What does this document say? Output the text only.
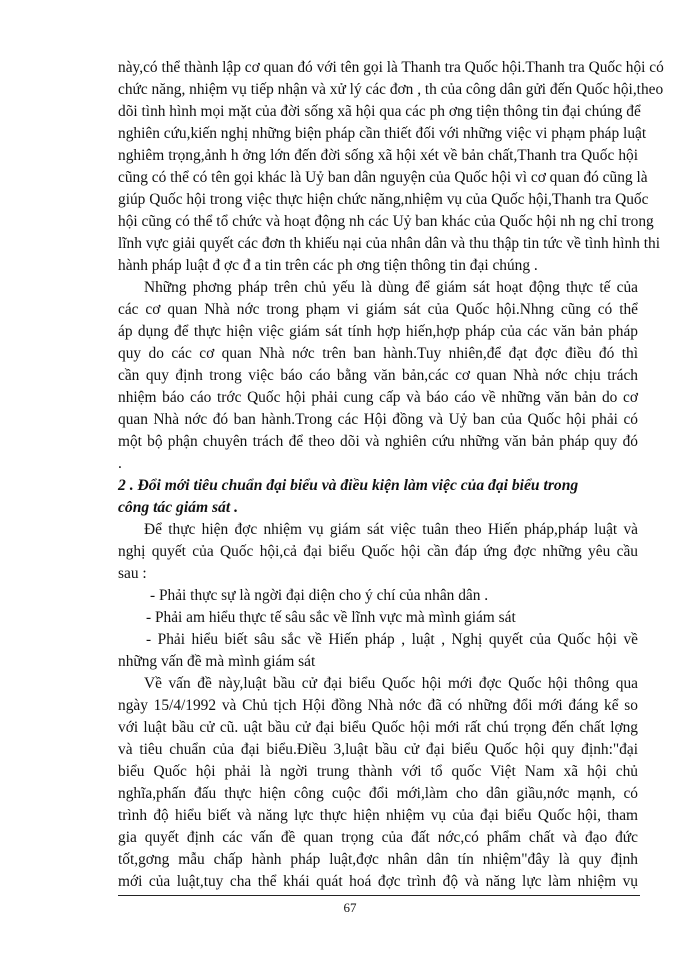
này,có thể thành lập cơ quan đó với tên gọi là Thanh tra Quốc hội.Thanh tra Quốc hội có
chức năng, nhiệm vụ tiếp nhận và xử lý các đơn , th của công dân gửi đến Quốc hội,theo
dõi tình hình mọi mặt của đời sống xã hội qua các ph ơng tiện thông tin đại chúng để
nghiên cứu,kiến nghị những biện pháp cần thiết đối với những việc vi phạm pháp luật
nghiêm trọng,ảnh h ởng lớn đến đời sống xã hội xét về bản chất,Thanh tra Quốc hội
cũng có thể có tên gọi khác là Uỷ ban dân nguyện của Quốc hội vì cơ quan đó cũng là
giúp Quốc hội trong việc thực hiện chức năng,nhiệm vụ của Quốc hội,Thanh tra Quốc
hội cũng có thể tổ chức và hoạt động nh các Uỷ ban khác của Quốc hội nh ng chỉ trong
lĩnh vực giải quyết các đơn th khiếu nại của nhân dân và thu thập tin tức về tình hình thi
hành pháp luật đ ợc đ a tin trên các ph ơng tiện thông tin đại chúng .
Những phơng pháp trên chủ yếu là dùng để giám sát hoạt động thực tế của
các cơ quan Nhà nớc trong phạm vi giám sát của Quốc hội.Nhng cũng có thể
áp dụng để thực hiện việc giám sát tính hợp hiến,hợp pháp của các văn bản pháp
quy do các cơ quan Nhà nớc trên ban hành.Tuy nhiên,để đạt đợc điều đó thì
cần quy định trong việc báo cáo bằng văn bản,các cơ quan Nhà nớc chịu trách
nhiệm báo cáo trớc Quốc hội phải cung cấp và báo cáo về những văn bản do cơ
quan Nhà nớc đó ban hành.Trong các Hội đồng và Uỷ ban của Quốc hội phải có
một bộ phận chuyên trách để theo dõi và nghiên cứu những văn bản pháp quy đó
.
2 . Đổi mới tiêu chuẩn đại biểu và điều kiện làm việc của đại biểu trong
công tác giám sát .
Để thực hiện đợc nhiệm vụ giám sát việc tuân theo Hiến pháp,pháp luật và
nghị quyết của Quốc hội,cả đại biểu Quốc hội cần đáp ứng đợc những yêu cầu
sau :
- Phải thực sự là ngời đại diện cho ý chí của nhân dân .
- Phải am hiểu thực tế sâu sắc về lĩnh vực mà mình giám sát
- Phải hiểu biết sâu sắc về Hiến pháp , luật , Nghị quyết của Quốc hội về
những vấn đề mà mình giám sát
Về vấn đề này,luật bầu cử đại biểu Quốc hội mới đợc Quốc hội thông qua
ngày 15/4/1992 và Chủ tịch Hội đồng Nhà nớc đã có những đổi mới đáng kể so
với luật bầu cử cũ. uật bầu cử đại biểu Quốc hội mới rất chú trọng đến chất lợng
và tiêu chuẩn của đại biểu.Điều 3,luật bầu cử đại biểu Quốc hội quy định:"đại
biểu Quốc hội phải là ngời trung thành với tổ quốc Việt Nam xã hội chủ
nghĩa,phấn đấu thực hiện công cuộc đổi mới,làm cho dân giầu,nớc mạnh, có
trình độ hiểu biết và năng lực thực hiện nhiệm vụ của đại biểu Quốc hội, tham
gia quyết định các vấn đề quan trọng của đất nớc,có phẩm chất và đạo đức
tốt,gơng mẫu chấp hành pháp luật,đợc nhân dân tín nhiệm"đây là quy định
mới của luật,tuy cha thể khái quát hoá đợc trình độ và năng lực làm nhiệm vụ
67
